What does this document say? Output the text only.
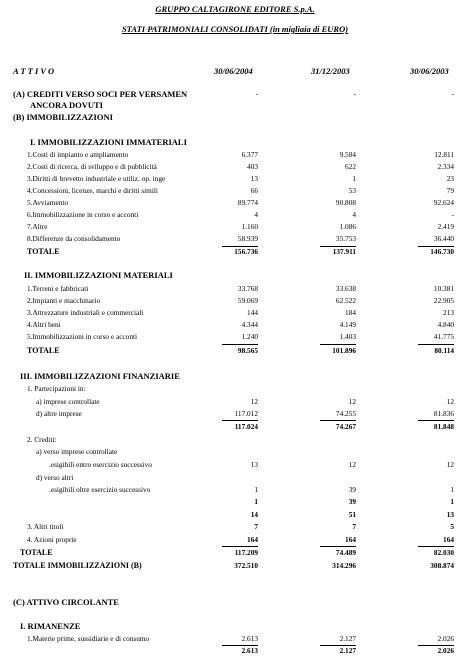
GRUPPO CALTAGIRONE EDITORE S.p.A.
STATI PATRIMONIALI CONSOLIDATI (in migliaia di EURO)
A T T I V O	30/06/2004	31/12/2003	30/06/2003
(A) CREDITI VERSO SOCI PER VERSAMEN
ANCORA DOVUTI
-	-	-
(B) IMMOBILIZZAZIONI
I. IMMOBILIZZAZIONI IMMATERIALI
1.Costi di impianto e ampliamento	6.377	9.584	12.811
2.Costi di ricerca, di sviluppo e di pubblicità	403	622	2.334
3.Diritti di brevetto industriale e utiliz. op. inge	13	1	23
4.Concessioni, licenze, marchi e diritti simili	66	53	79
5.Avviamento	89.774	90.808	92.624
6.Immobilizzazione in corso e acconti	4	4	-
7.Altre	1.160	1.086	2.419
8.Differenze da consolidamento	58.939	35.753	36.440
TOTALE	156.736	137.911	146.730
II. IMMOBILIZZAZIONI MATERIALI
1.Terreni e fabbricati	33.768	33.638	10.381
2.Impianti e macchinario	59.069	62.522	22.905
3.Attrezzature industriali e commerciali	144	184	213
4.Altri beni	4.344	4.149	4.840
5.Immobilizzazioni in corso e acconti	1.240	1.403	41.775
TOTALE	98.565	101.896	80.114
III. IMMOBILIZZAZIONI FINANZIARIE
1. Partecipazioni in:
a) imprese controllate	12	12	12
d) altre imprese	117.012	74.255	81.836
117.024	74.267	81.848
2. Crediti:
a) verso imprese controllate
.esigibili entro esercizio successivo	13	12	12
d) verso altri
.esigibili oltre esercizio successivo	1	39	1
1	39	1
14	51	13
3. Altri titoli	7	7	5
4. Azioni proprie	164	164	164
TOTALE	117.209	74.489	82.030
TOTALE IMMOBILIZZAZIONI (B)	372.510	314.296	308.874
(C) ATTIVO CIRCOLANTE
I. RIMANENZE
1.Materie prime, sussidiarie e di consumo	2.613	2.127	2.026
2.613	2.127	2.026
